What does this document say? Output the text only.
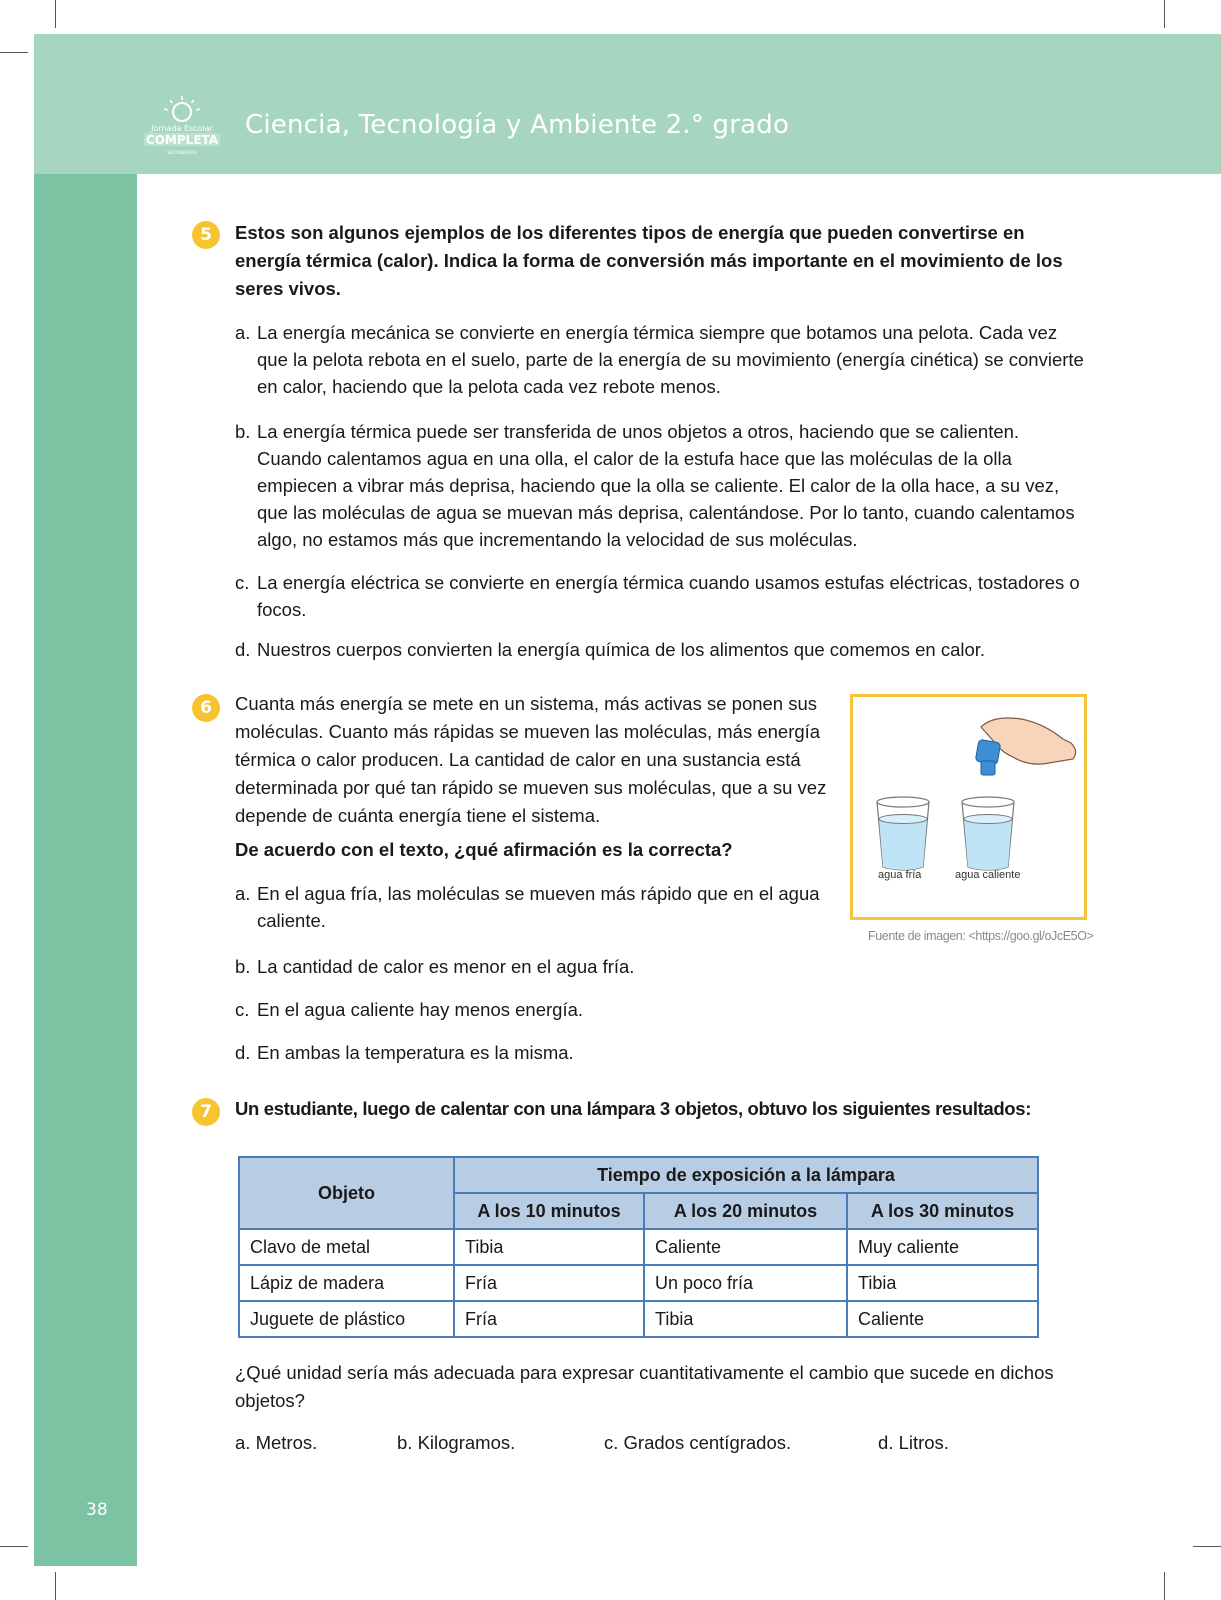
Jornada Escolar
COMPLETA
SECUNDARIA
Ciencia, Tecnología y Ambiente 2.° grado
38
5	Estos son algunos ejemplos de los diferentes tipos de energía que pueden convertirse en energía térmica (calor). Indica la forma de conversión más importante en el movimiento de los seres vivos.
a. La energía mecánica se convierte en energía térmica siempre que botamos una pelota. Cada vez que la pelota rebota en el suelo, parte de la energía de su movimiento (energía cinética) se convierte en calor, haciendo que la pelota cada vez rebote menos.
b. La energía térmica puede ser transferida de unos objetos a otros, haciendo que se calienten. Cuando calentamos agua en una olla, el calor de la estufa hace que las moléculas de la olla empiecen a vibrar más deprisa, haciendo que la olla se caliente. El calor de la olla hace, a su vez, que las moléculas de agua se muevan más deprisa, calentándose. Por lo tanto, cuando calentamos algo, no estamos más que incrementando la velocidad de sus moléculas.
c. La energía eléctrica se convierte en energía térmica cuando usamos estufas eléctricas, tostadores o focos.
d. Nuestros cuerpos convierten la energía química de los alimentos que comemos en calor.
6	Cuanta más energía se mete en un sistema, más activas se ponen sus moléculas. Cuanto más rápidas se mueven las moléculas, más energía térmica o calor producen. La cantidad de calor en una sustancia está determinada por qué tan rápido se mueven sus moléculas, que a su vez depende de cuánta energía tiene el sistema.
De acuerdo con el texto, ¿qué afirmación es la correcta?
a. En el agua fría, las moléculas se mueven más rápido que en el agua caliente.
b. La cantidad de calor es menor en el agua fría.
c. En el agua caliente hay menos energía.
d. En ambas la temperatura es la misma.
agua fría	agua caliente
Fuente de imagen: <https://goo.gl/oJcE5O>
7	Un estudiante, luego de calentar con una lámpara 3 objetos, obtuvo los siguientes resultados:
Objeto	Tiempo de exposición a la lámpara		
	A los 10 minutos	A los 20 minutos	A los 30 minutos
Clavo de metal	Tibia	Caliente	Muy caliente
Lápiz de madera	Fría	Un poco fría	Tibia
Juguete de plástico	Fría	Tibia	Caliente
¿Qué unidad sería más adecuada para expresar cuantitativamente el cambio que sucede en dichos objetos?
a. Metros.	b. Kilogramos.	c. Grados centígrados.	d. Litros.
